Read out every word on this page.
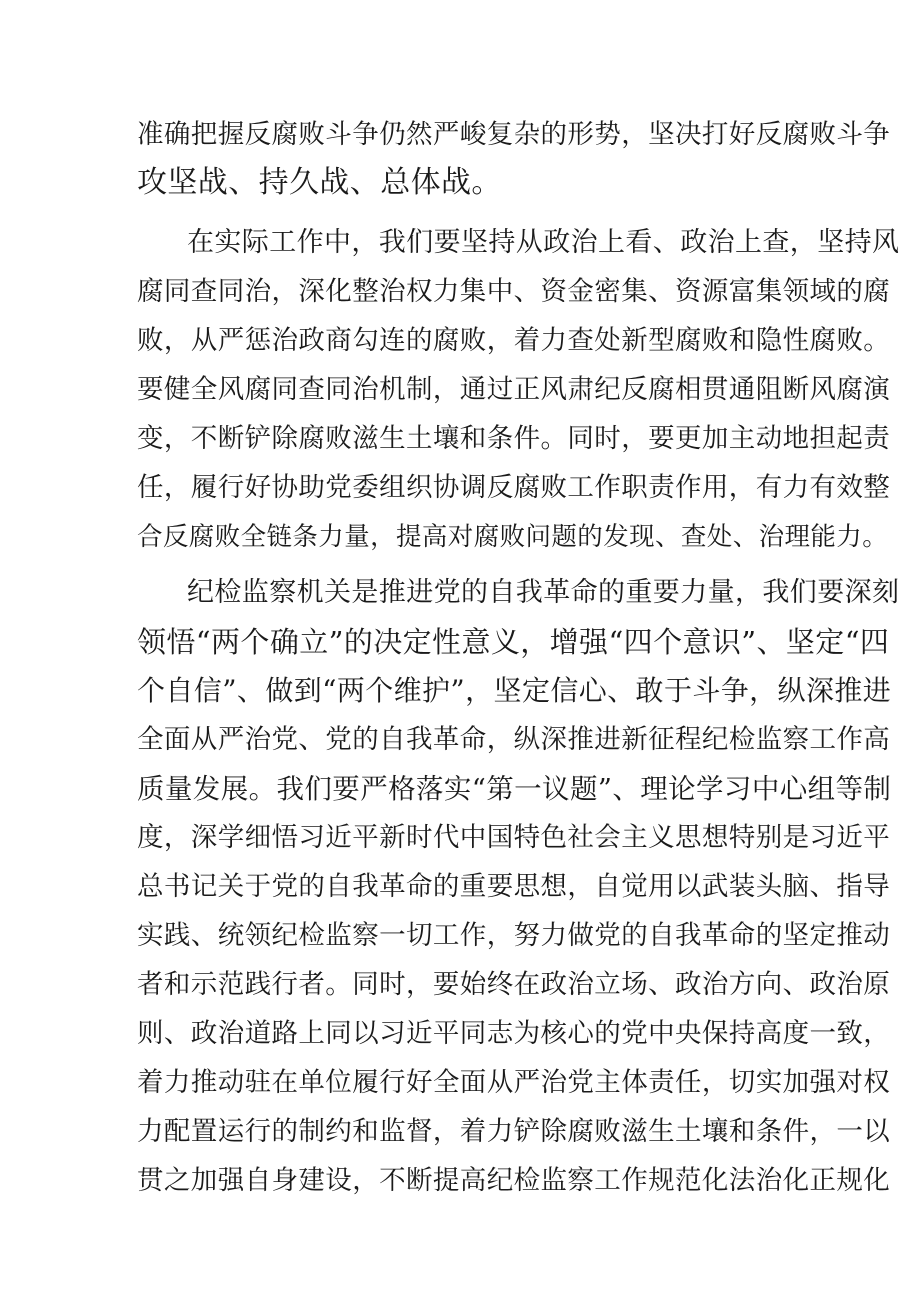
准确把握反腐败斗争仍然严峻复杂的形势，坚决打好反腐败斗争
攻坚战、持久战、总体战。
在实际工作中，我们要坚持从政治上看、政治上查，坚持风
腐同查同治，深化整治权力集中、资金密集、资源富集领域的腐
败，从严惩治政商勾连的腐败，着力查处新型腐败和隐性腐败。
要健全风腐同查同治机制，通过正风肃纪反腐相贯通阻断风腐演
变，不断铲除腐败滋生土壤和条件。同时，要更加主动地担起责
任，履行好协助党委组织协调反腐败工作职责作用，有力有效整
合反腐败全链条力量，提高对腐败问题的发现、查处、治理能力。
纪检监察机关是推进党的自我革命的重要力量，我们要深刻
领悟“两个确立”的决定性意义，增强“四个意识”、坚定“四
个自信”、做到“两个维护”，坚定信心、敢于斗争，纵深推进
全面从严治党、党的自我革命，纵深推进新征程纪检监察工作高
质量发展。我们要严格落实“第一议题”、理论学习中心组等制
度，深学细悟习近平新时代中国特色社会主义思想特别是习近平
总书记关于党的自我革命的重要思想，自觉用以武装头脑、指导
实践、统领纪检监察一切工作，努力做党的自我革命的坚定推动
者和示范践行者。同时，要始终在政治立场、政治方向、政治原
则、政治道路上同以习近平同志为核心的党中央保持高度一致，
着力推动驻在单位履行好全面从严治党主体责任，切实加强对权
力配置运行的制约和监督，着力铲除腐败滋生土壤和条件，一以
贯之加强自身建设，不断提高纪检监察工作规范化法治化正规化
